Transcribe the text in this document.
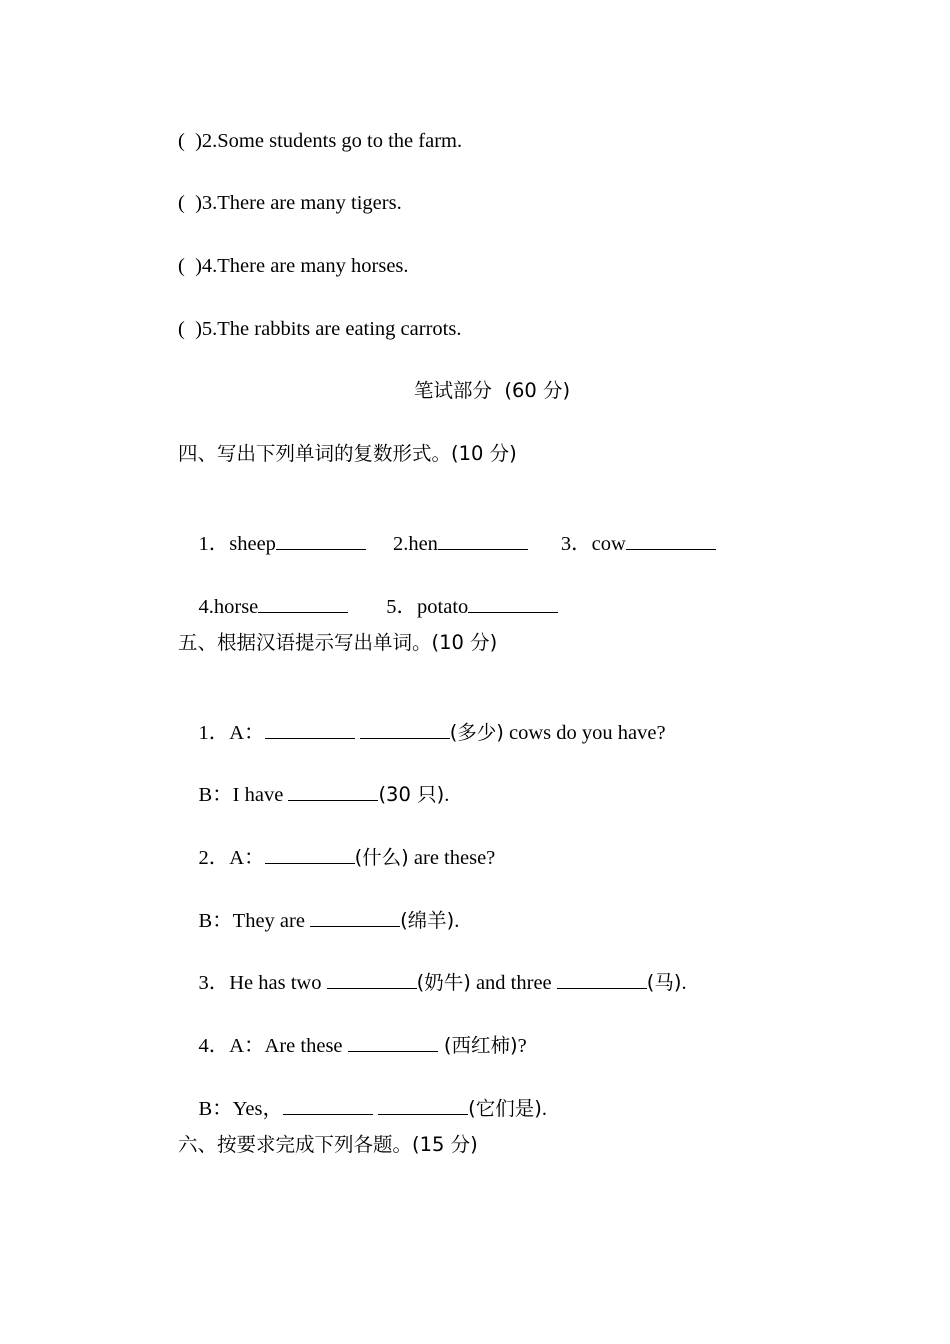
(  )2.Some students go to the farm.
(  )3.There are many tigers.
(  )4.There are many horses.
(  )5.The rabbits are eating carrots.
笔试部分  (60 分)
四、写出下列单词的复数形式。(10 分)

1．sheep	2.hen	3．cow

4.horse	5．potato

五、根据汉语提示写出单词。(10 分)

1．A：	(多少) cows do you have?

B：I have	(30 只).

2．A：	(什么) are these?

B：They are	(绵羊).

3．He has two	(奶牛) and three	(马).

4．A：Are these	(西红柿)?

B：Yes，	(它们是).

六、按要求完成下列各题。(15 分)
